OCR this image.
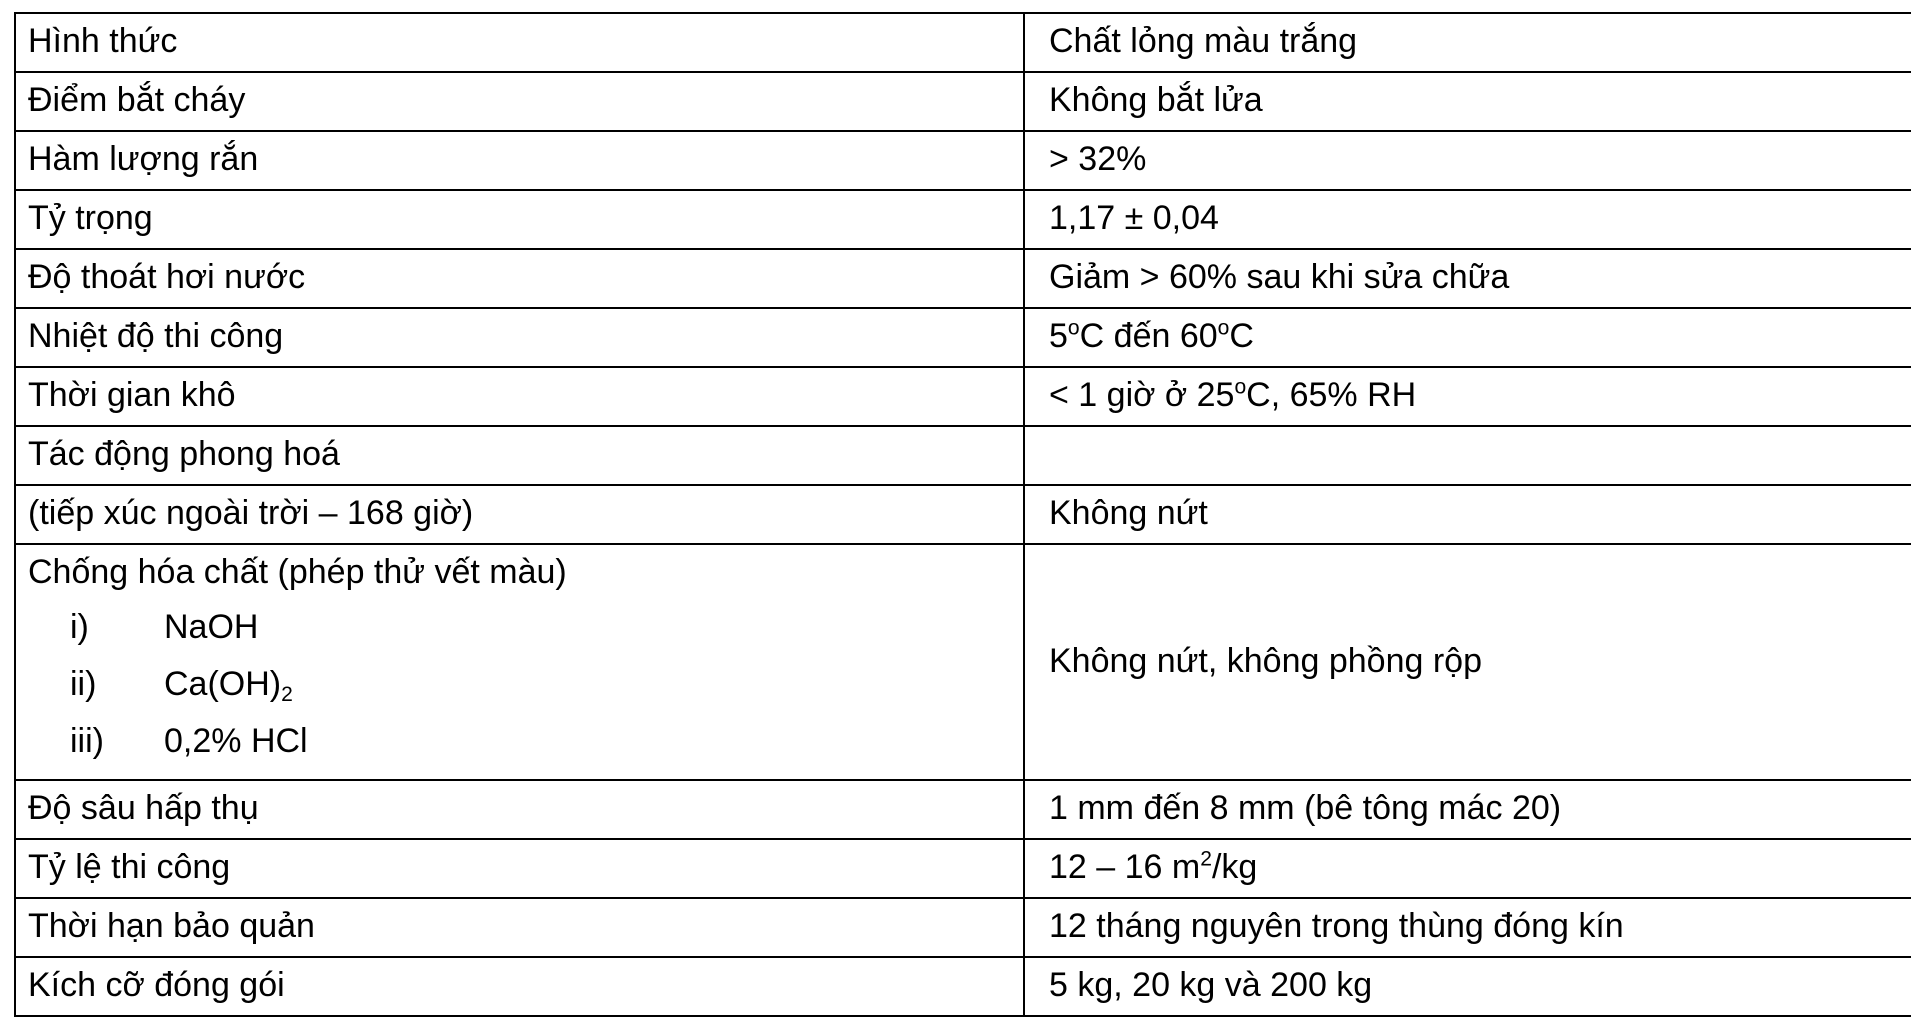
Hình thức	Chất lỏng màu trắng
Điểm bắt cháy	Không bắt lửa
Hàm lượng rắn	> 32%
Tỷ trọng	1,17 ± 0,04
Độ thoát hơi nước	Giảm > 60% sau khi sửa chữa
Nhiệt độ thi công	5$^o$C đến 60$^o$C
Thời gian khô	< 1 giờ ở 25$^o$C, 65% RH
Tác động phong hoá	
(tiếp xúc ngoài trời – 168 giờ)	Không nứt

Chống hóa chất (phép thử vết màu)
i) NaOH
ii) $Ca(OH)_2$
iii) 0,2% HCl	Không nứt, không phồng rộp
Độ sâu hấp thụ	1 mm đến 8 mm (bê tông mác 20)
Tỷ lệ thi công	12 – 16 $m^2/kg$
Thời hạn bảo quản	12 tháng nguyên trong thùng đóng kín
Kích cỡ đóng gói	5 kg, 20 kg và 200 kg
